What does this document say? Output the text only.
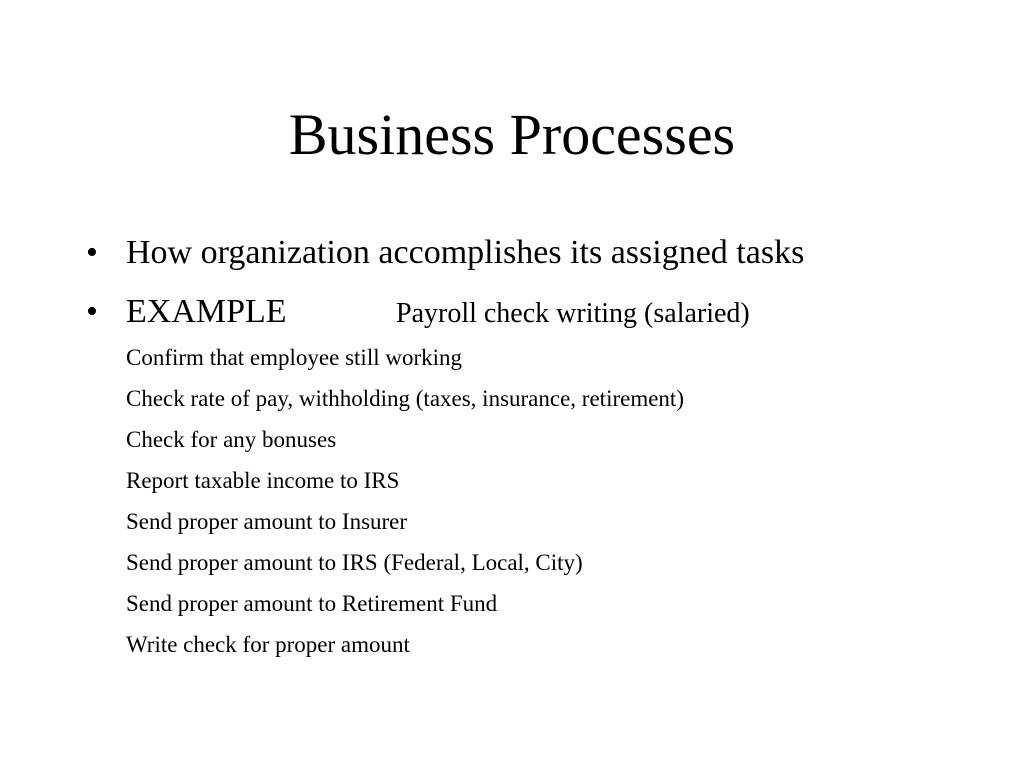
Business Processes
• How organization accomplishes its assigned tasks
• EXAMPLE	Payroll check writing (salaried)
Confirm that employee still working
Check rate of pay, withholding (taxes, insurance, retirement)
Check for any bonuses
Report taxable income to IRS
Send proper amount to Insurer
Send proper amount to IRS (Federal, Local, City)
Send proper amount to Retirement Fund
Write check for proper amount
